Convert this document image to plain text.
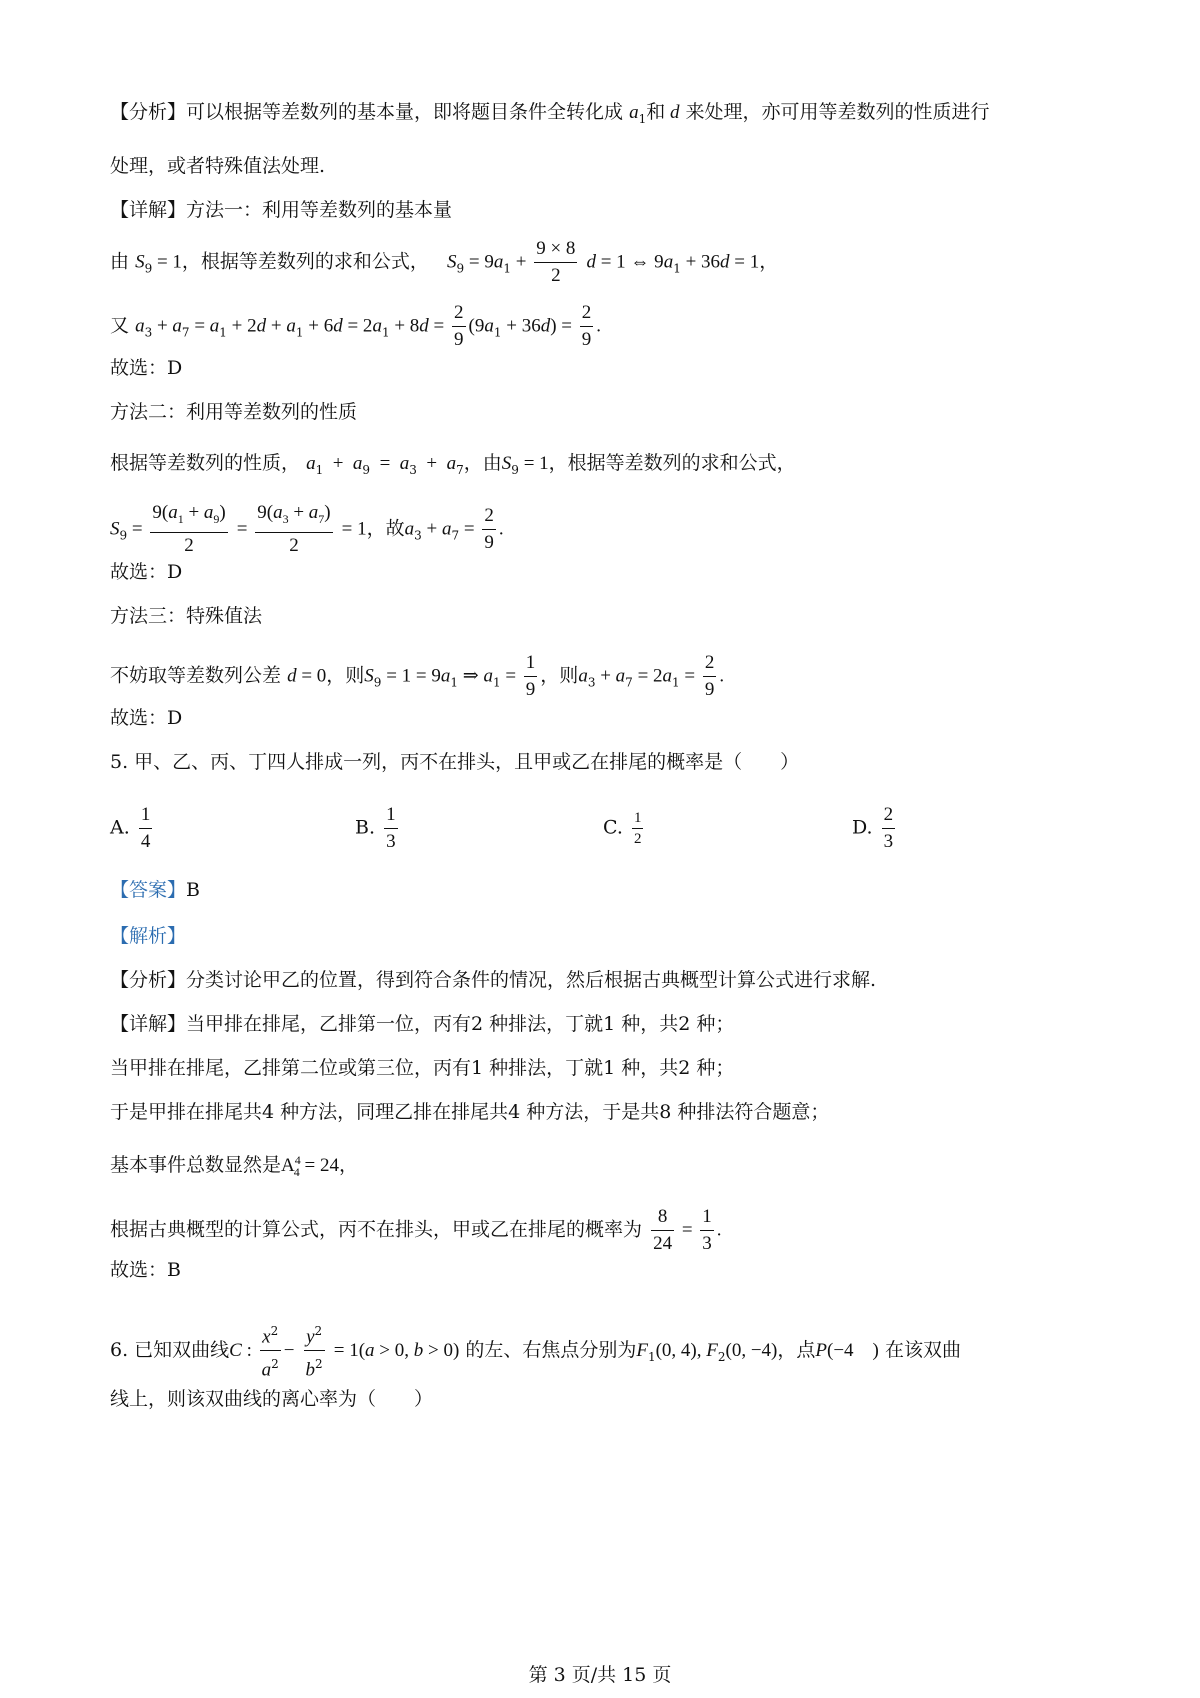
【分析】可以根据等差数列的基本量，即将题目条件全转化成 $a_1$和 d 来处理，亦可用等差数列的性质进行
处理，或者特殊值法处理.
【详解】方法一：利用等差数列的基本量
由 $S_9 = 1$，根据等差数列的求和公式， $S_9 = 9a_1 + \frac{9 \times 8}{2}$ d = 1 ⇔ $9a_1 + 36d = 1$，
又 $a_3 + a_7 = a_1 + 2d + a_1 + 6d = 2a_1 + 8d = \frac{2}{9} (9a_1 + 36d) = \frac{2}{9}$ .
故选：D
方法二：利用等差数列的性质
根据等差数列的性质， $a_1 + a_9 = a_3 + a_7$，由$S_9 = 1$，根据等差数列的求和公式，
$S_9 = \frac{9(a_1 + a_9)}{2} = \frac{9(a_3 + a_7)}{2} = 1$，故$a_3 + a_7 = \frac{2}{9}$ .
故选：D
方法三：特殊值法
不妨取等差数列公差 d = 0，则$S_9 = 1 = 9a_1$ ⇒ $a_1 = \frac{1}{9}$ ，则$a_3 + a_7 = 2a_1 = \frac{2}{9}$ .
故选：D
5. 甲、乙、丙、丁四人排成一列，丙不在排头，且甲或乙在排尾的概率是（　　）
A. $\frac{1}{4}$	B. $\frac{1}{3}$	C. $\frac{1}{2}$	D. $\frac{2}{3}$
【答案】B
【解析】
【分析】分类讨论甲乙的位置，得到符合条件的情况，然后根据古典概型计算公式进行求解.
【详解】当甲排在排尾，乙排第一位，丙有2 种排法，丁就1 种，共2 种；
当甲排在排尾，乙排第二位或第三位，丙有1 种排法，丁就1 种，共2 种；
于是甲排在排尾共4 种方法，同理乙排在排尾共4 种方法，于是共8 种排法符合题意；
基本事件总数显然是$A^4_4 = 24$，
根据古典概型的计算公式，丙不在排头，甲或乙在排尾的概率为 $\frac{8}{24} = \frac{1}{3}$ .
故选：B
6. 已知双曲线C : $\frac{x^2}{a^2} - \frac{y^2}{b^2} = 1(a > 0$, b > 0) 的左、右焦点分别为$F_1(0$, 4), $F_2(0$, −4)，点P(−4　) 在该双曲
线上，则该双曲线的离心率为（　　）
第 3 页/共 15 页
